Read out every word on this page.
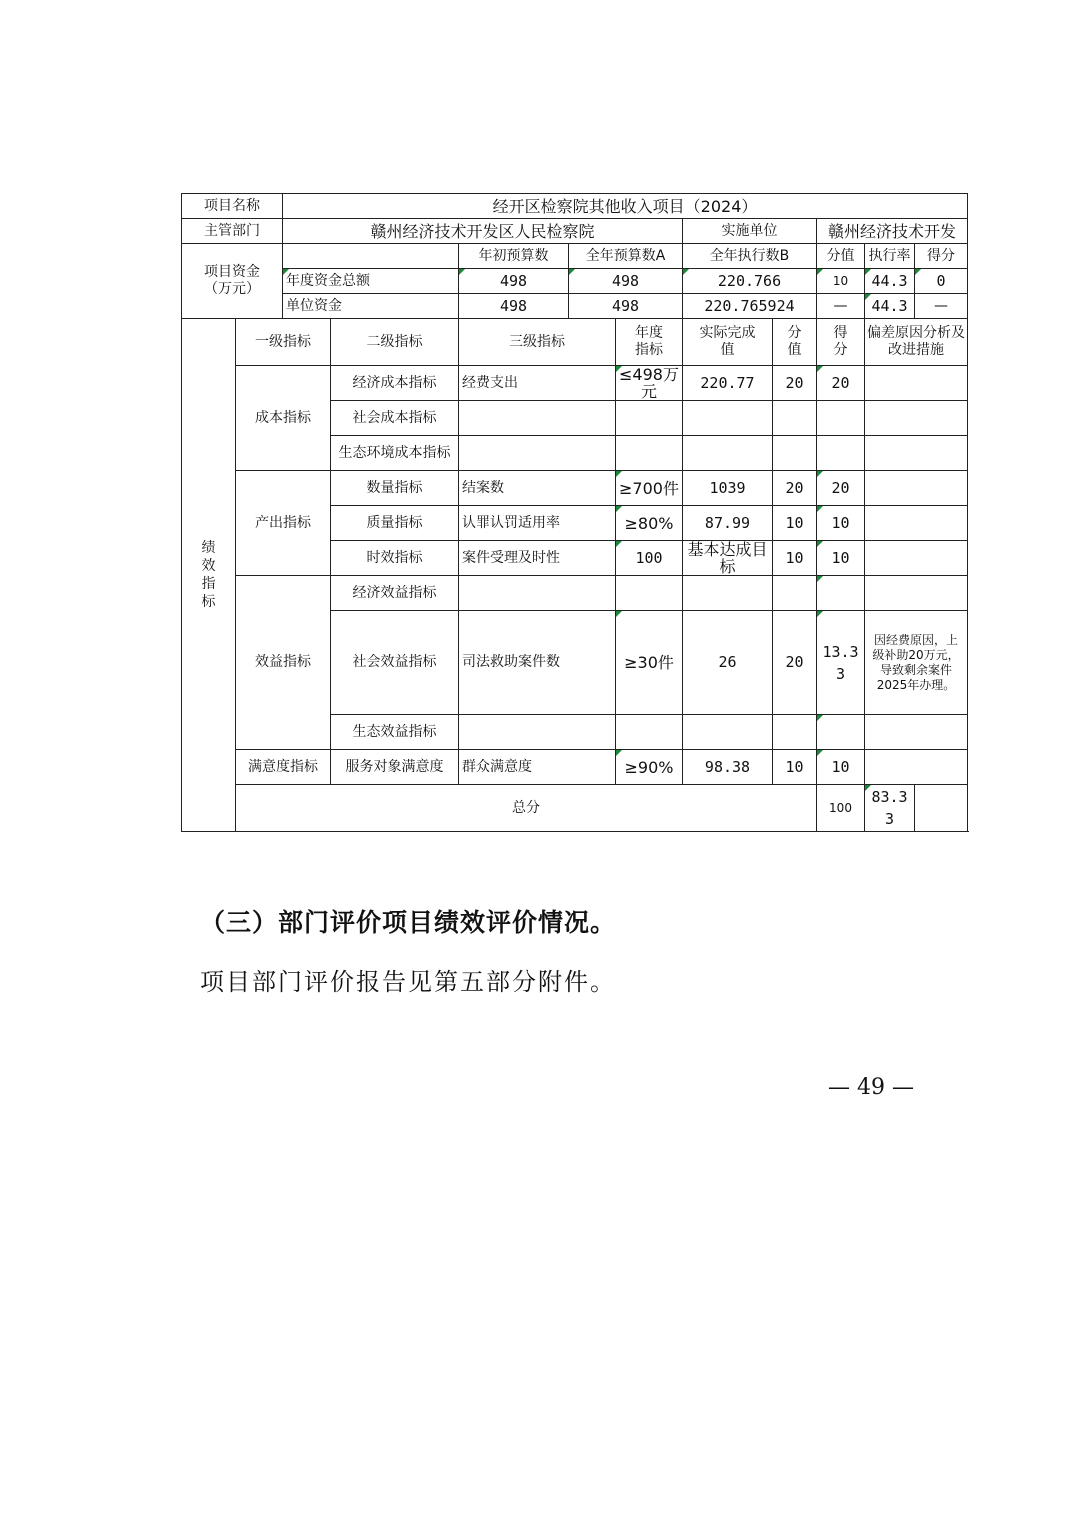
项目名称		经开区检察院其他收入项目（2024）									
主管部门		赣州经济技术开发区人民检察院					实施单位		赣州经济技术开发		
项目资金（万元）				年初预算数	全年预算数A		全年执行数B		分值	执行率	得分
		年度资金总额		498	498		220.766		10	44.3	0
		单位资金		498	498		220.765924		—	44.3	—
绩效指标	一级指标		二级指标	三级指标		年度指标	实际完成值	分值	得分	偏差原因分析及改进措施	
	成本指标		经济成本指标	经费支出		≤498万元	220.77	20	20		
			社会成本指标								
			生态环境成本指标								
	产出指标		数量指标	结案数		≥700件	1039	20	20		
			质量指标	认罪认罚适用率		≥80%	87.99	10	10		
			时效指标	案件受理及时性		100	基本达成目标	10	10		
	效益指标		经济效益指标								
			社会效益指标	司法救助案件数		≥30件	26	20	13.33	因经费原因，上级补助20万元，导致剩余案件2025年办理。	
			生态效益指标								
	满意度指标		服务对象满意度	群众满意度		≥90%	98.38	10	10		
	总分								100	83.33	
（三）部门评价项目绩效评价情况。
项目部门评价报告见第五部分附件。
— 49 —
